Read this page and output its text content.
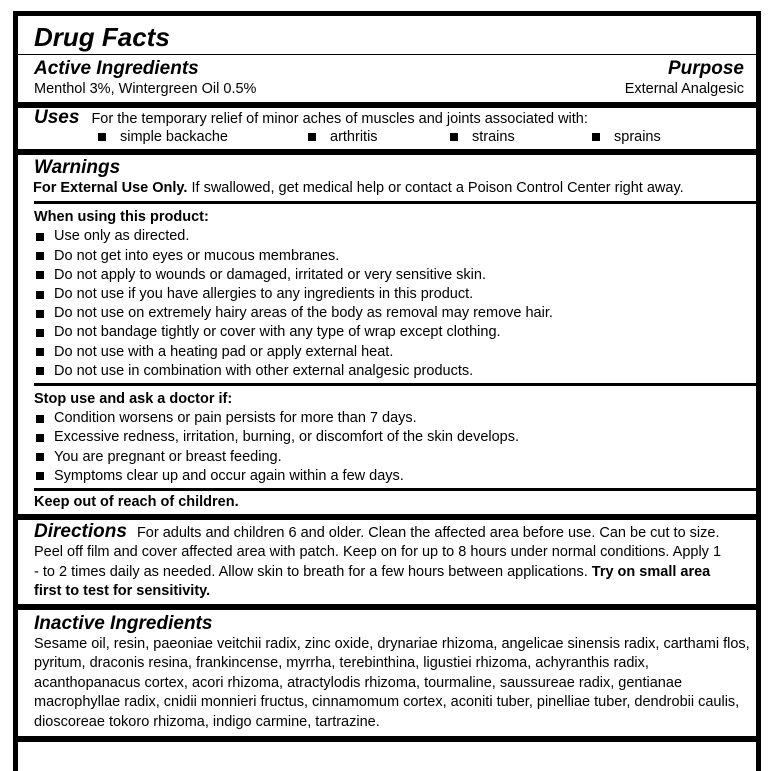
Drug Facts
Active Ingredients	Purpose
Menthol 3%, Wintergreen Oil 0.5%	External Analgesic
Uses For the temporary relief of minor aches of muscles and joints associated with:
simple backache	arthritis	strains	sprains
Warnings
For External Use Only. If swallowed, get medical help or contact a Poison Control Center right away.
When using this product:
Use only as directed.
Do not get into eyes or mucous membranes.
Do not apply to wounds or damaged, irritated or very sensitive skin.
Do not use if you have allergies to any ingredients in this product.
Do not use on extremely hairy areas of the body as removal may remove hair.
Do not bandage tightly or cover with any type of wrap except clothing.
Do not use with a heating pad or apply external heat.
Do not use in combination with other external analgesic products.
Stop use and ask a doctor if:
Condition worsens or pain persists for more than 7 days.
Excessive redness, irritation, burning, or discomfort of the skin develops.
You are pregnant or breast feeding.
Symptoms clear up and occur again within a few days.
Keep out of reach of children.
Directions For adults and children 6 and older. Clean the affected area before use. Can be cut to size. Peel off film and cover affected area with patch. Keep on for up to 8 hours under normal conditions. Apply 1 - to 2 times daily as needed. Allow skin to breath for a few hours between applications. Try on small area first to test for sensitivity.
Inactive Ingredients
Sesame oil, resin, paeoniae veitchii radix, zinc oxide, drynariae rhizoma, angelicae sinensis radix, carthami flos, pyritum, draconis resina, frankincense, myrrha, terebinthina, ligustiei rhizoma, achyranthis radix, acanthopanacus cortex, acori rhizoma, atractylodis rhizoma, tourmaline, saussureae radix, gentianae macrophyllae radix, cnidii monnieri fructus, cinnamomum cortex, aconiti tuber, pinelliae tuber, dendrobii caulis, dioscoreae tokoro rhizoma, indigo carmine, tartrazine.
